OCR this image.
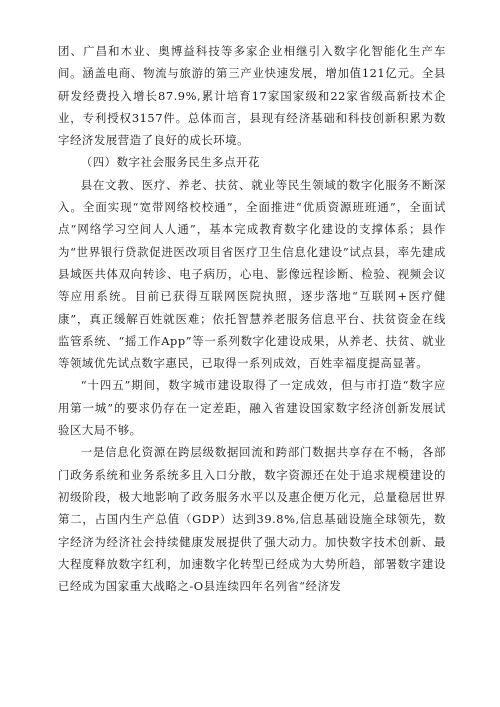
团、广昌和木业、奥博益科技等多家企业相继引入数字化智能化生产车间。涵盖电商、物流与旅游的第三产业快速发展，增加值121亿元。全县研发经费投入增长87.9%,累计培育17家国家级和22家省级高新技术企业，专利授权3157件。总体而言，县现有经济基础和科技创新积累为数字经济发展营造了良好的成长环境。

（四）数字社会服务民生多点开花

县在文教、医疗、养老、扶贫、就业等民生领域的数字化服务不断深入。全面实现“宽带网络校校通”，全面推进“优质资源班班通”，全面试点“网络学习空间人人通”，基本完成教育数字化建设的支撑体系；县作为“世界银行贷款促进医改项目省医疗卫生信息化建设”试点县，率先建成县域医共体双向转诊、电子病历，心电、影像远程诊断、检验、视频会议等应用系统。目前已获得互联网医院执照，逐步落地“互联网+医疗健康”，真正缓解百姓就医难；依托智慧养老服务信息平台、扶贫资金在线监管系统、“摇工作App”等一系列数字化建设成果，从养老、扶贫、就业等领域优先试点数字惠民，已取得一系列成效，百姓幸福度提高显著。

“十四五”期间，数字城市建设取得了一定成效，但与市打造“数字应用第一城”的要求仍存在一定差距，融入省建设国家数字经济创新发展试验区大局不够。

一是信息化资源在跨层级数据回流和跨部门数据共享存在不畅，各部门政务系统和业务系统多且入口分散，数字资源还在处于追求规模建设的初级阶段，极大地影响了政务服务水平以及惠企便万化元，总量稳居世界第二，占国内生产总值（GDP）达到39.8%,信息基础设施全球领先，数字经济为经济社会持续健康发展提供了强大动力。加快数字技术创新、最大程度释放数字红利，加速数字化转型已经成为大势所趋，部署数字建设已经成为国家重大战略之-O县连续四年名列省“经济发
